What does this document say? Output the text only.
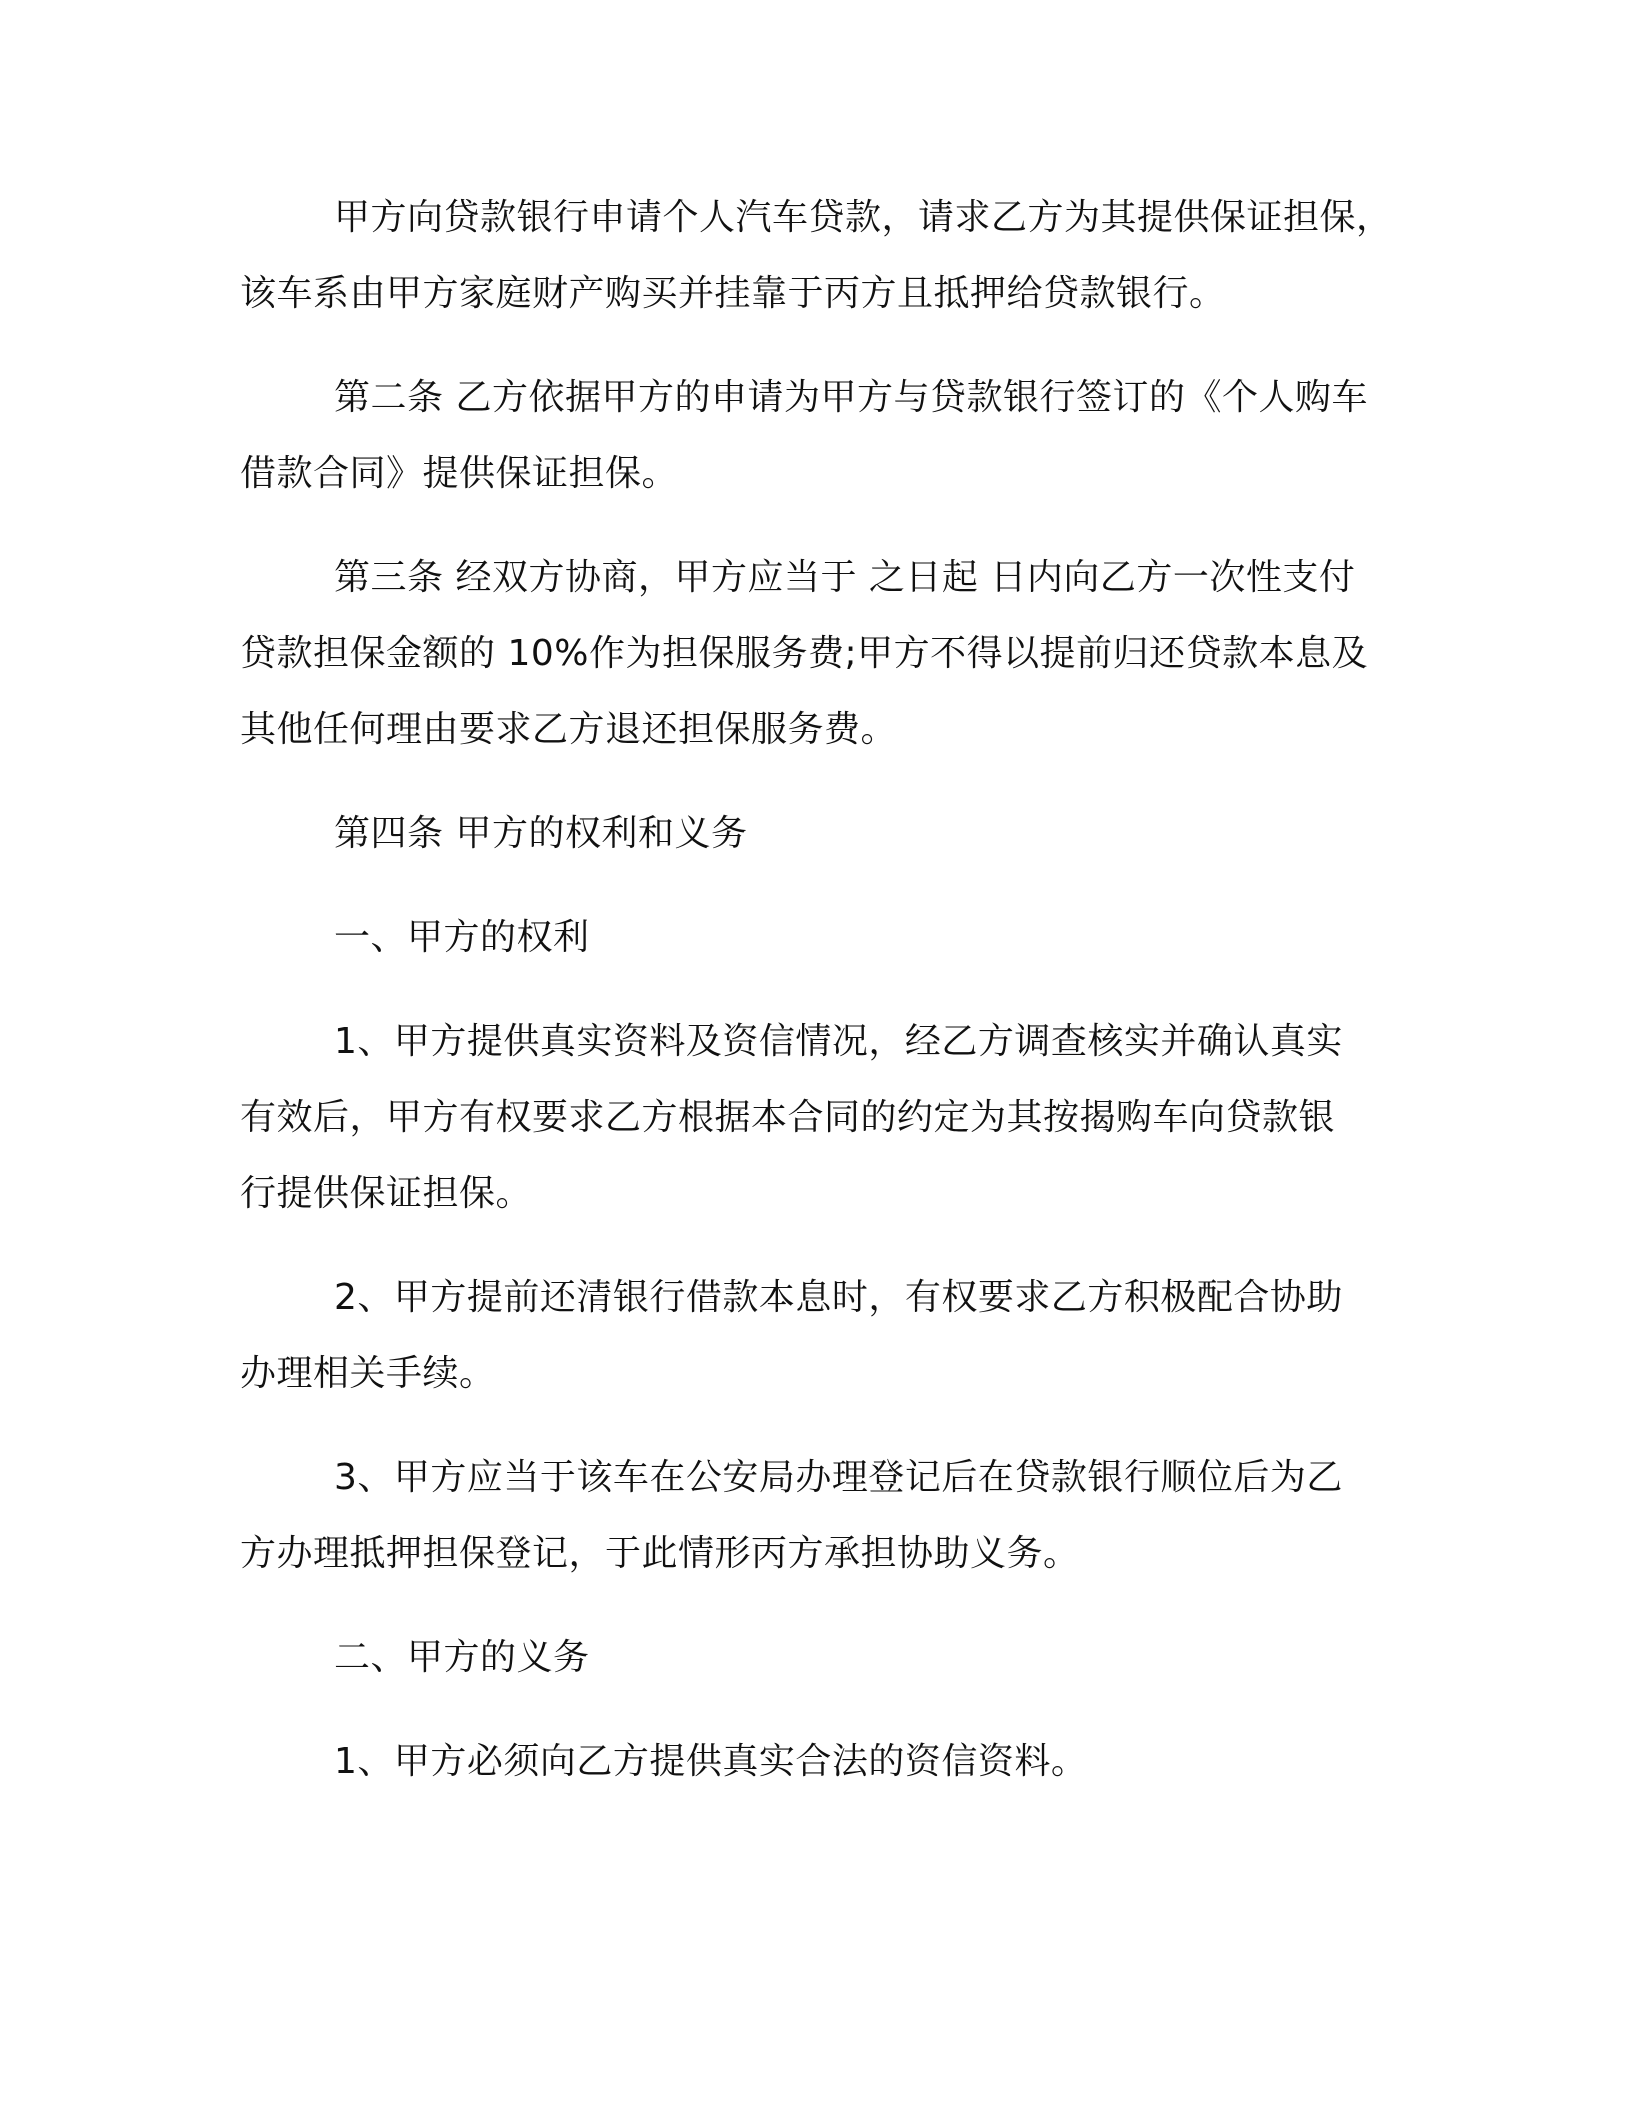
甲方向贷款银行申请个人汽车贷款，请求乙方为其提供保证担保，
该车系由甲方家庭财产购买并挂靠于丙方且抵押给贷款银行。
第二条 乙方依据甲方的申请为甲方与贷款银行签订的《个人购车
借款合同》提供保证担保。
第三条 经双方协商，甲方应当于 之日起 日内向乙方一次性支付
贷款担保金额的 10%作为担保服务费;甲方不得以提前归还贷款本息及
其他任何理由要求乙方退还担保服务费。
第四条 甲方的权利和义务
一、甲方的权利
1、甲方提供真实资料及资信情况，经乙方调查核实并确认真实
有效后，甲方有权要求乙方根据本合同的约定为其按揭购车向贷款银
行提供保证担保。
2、甲方提前还清银行借款本息时，有权要求乙方积极配合协助
办理相关手续。
3、甲方应当于该车在公安局办理登记后在贷款银行顺位后为乙
方办理抵押担保登记，于此情形丙方承担协助义务。
二、甲方的义务
1、甲方必须向乙方提供真实合法的资信资料。
